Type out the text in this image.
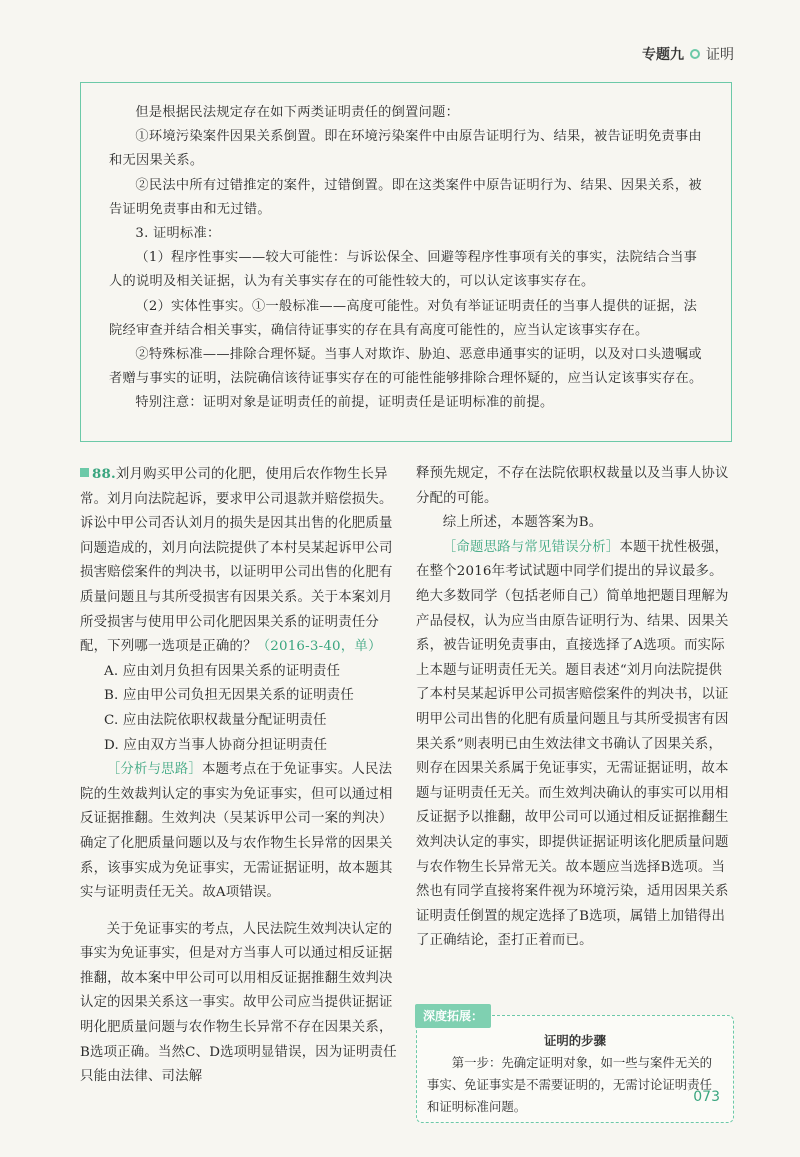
专题九 证明

但是根据民法规定存在如下两类证明责任的倒置问题：

①环境污染案件因果关系倒置。即在环境污染案件中由原告证明行为、结果，被告证明免责事由和无因果关系。

②民法中所有过错推定的案件，过错倒置。即在这类案件中原告证明行为、结果、因果关系，被告证明免责事由和无过错。

3. 证明标准：

（1）程序性事实——较大可能性：与诉讼保全、回避等程序性事项有关的事实，法院结合当事人的说明及相关证据，认为有关事实存在的可能性较大的，可以认定该事实存在。

（2）实体性事实。①一般标准——高度可能性。对负有举证证明责任的当事人提供的证据，法院经审查并结合相关事实，确信待证事实的存在具有高度可能性的，应当认定该事实存在。

②特殊标准——排除合理怀疑。当事人对欺诈、胁迫、恶意串通事实的证明，以及对口头遗嘱或者赠与事实的证明，法院确信该待证事实存在的可能性能够排除合理怀疑的，应当认定该事实存在。

特别注意：证明对象是证明责任的前提，证明责任是证明标准的前提。

88.刘月购买甲公司的化肥，使用后农作物生长异常。刘月向法院起诉，要求甲公司退款并赔偿损失。诉讼中甲公司否认刘月的损失是因其出售的化肥质量问题造成的，刘月向法院提供了本村吴某起诉甲公司损害赔偿案件的判决书，以证明甲公司出售的化肥有质量问题且与其所受损害有因果关系。关于本案刘月所受损害与使用甲公司化肥因果关系的证明责任分配，下列哪一选项是正确的？（2016-3-40，单）

A. 应由刘月负担有因果关系的证明责任

B. 应由甲公司负担无因果关系的证明责任

C. 应由法院依职权裁量分配证明责任

D. 应由双方当事人协商分担证明责任

［分析与思路］本题考点在于免证事实。人民法院的生效裁判认定的事实为免证事实，但可以通过相反证据推翻。生效判决（吴某诉甲公司一案的判决）确定了化肥质量问题以及与农作物生长异常的因果关系，该事实成为免证事实，无需证据证明，故本题其实与证明责任无关。故A项错误。

关于免证事实的考点，人民法院生效判决认定的事实为免证事实，但是对方当事人可以通过相反证据推翻，故本案中甲公司可以用相反证据推翻生效判决认定的因果关系这一事实。故甲公司应当提供证据证明化肥质量问题与农作物生长异常不存在因果关系，B选项正确。当然C、D选项明显错误，因为证明责任只能由法律、司法解

释预先规定，不存在法院依职权裁量以及当事人协议分配的可能。

综上所述，本题答案为B。

［命题思路与常见错误分析］本题干扰性极强，在整个2016年考试试题中同学们提出的异议最多。绝大多数同学（包括老师自己）简单地把题目理解为产品侵权，认为应当由原告证明行为、结果、因果关系，被告证明免责事由，直接选择了A选项。而实际上本题与证明责任无关。题目表述“刘月向法院提供了本村吴某起诉甲公司损害赔偿案件的判决书，以证明甲公司出售的化肥有质量问题且与其所受损害有因果关系”则表明已由生效法律文书确认了因果关系，则存在因果关系属于免证事实，无需证据证明，故本题与证明责任无关。而生效判决确认的事实可以用相反证据予以推翻，故甲公司可以通过相反证据推翻生效判决认定的事实，即提供证据证明该化肥质量问题与农作物生长异常无关。故本题应当选择B选项。当然也有同学直接将案件视为环境污染，适用因果关系证明责任倒置的规定选择了B选项，属错上加错得出了正确结论，歪打正着而已。

深度拓展：
证明的步骤

第一步：先确定证明对象，如一些与案件无关的事实、免证事实是不需要证明的，无需讨论证明责任和证明标准问题。

073
